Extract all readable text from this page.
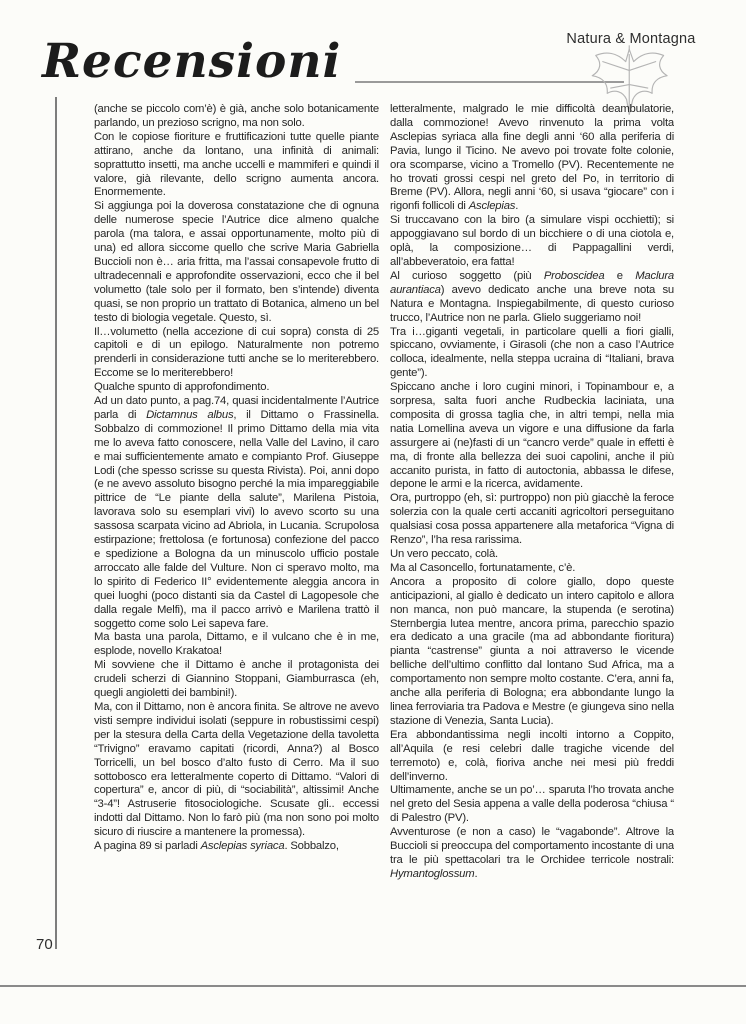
Recensioni	Natura & Montagna

(anche se piccolo com’è) è già, anche solo botanicamente parlando, un prezioso scrigno, ma non solo.

Con le copiose fioriture e fruttificazioni tutte quelle piante attirano, anche da lontano, una infinità di animali: soprattutto insetti, ma anche uccelli e mammiferi e quindi il valore, già rilevante, dello scrigno aumenta ancora. Enormemente.

Si aggiunga poi la doverosa constatazione che di ognuna delle numerose specie l’Autrice dice almeno qualche parola (ma talora, e assai opportunamente, molto più di una) ed allora siccome quello che scrive Maria Gabriella Buccioli non è… aria fritta, ma l’assai consapevole frutto di ultradecennali e approfondite osservazioni, ecco che il bel volumetto (tale solo per il formato, ben s’intende) diventa quasi, se non proprio un trattato di Botanica, almeno un bel testo di biologia vegetale. Questo, sì.

Il…volumetto (nella accezione di cui sopra) consta di 25 capitoli e di un epilogo. Naturalmente non potremo prenderli in considerazione tutti anche se lo meriterebbero. Eccome se lo meriterebbero!

Qualche spunto di approfondimento.

Ad un dato punto, a pag.74, quasi incidentalmente l’Autrice parla di Dictamnus albus, il Dittamo o Frassinella. Sobbalzo di commozione! Il primo Dittamo della mia vita me lo aveva fatto conoscere, nella Valle del Lavino, il caro e mai sufficientemente amato e compianto Prof. Giuseppe Lodi (che spesso scrisse su questa Rivista). Poi, anni dopo (e ne avevo assoluto bisogno perché la mia impareggiabile pittrice de “Le piante della salute”, Marilena Pistoia, lavorava solo su esemplari vivi) lo avevo scorto su una sassosa scarpata vicino ad Abriola, in Lucania. Scrupolosa estirpazione; frettolosa (e fortunosa) confezione del pacco e spedizione a Bologna da un minuscolo ufficio postale arroccato alle falde del Vulture. Non ci speravo molto, ma lo spirito di Federico II° evidentemente aleggia ancora in quei luoghi (poco distanti sia da Castel di Lagopesole che dalla regale Melfi), ma il pacco arrivò e Marilena trattò il soggetto come solo Lei sapeva fare.

Ma basta una parola, Dittamo, e il vulcano che è in me, esplode, novello Krakatoa!

Mi sovviene che il Dittamo è anche il protagonista dei crudeli scherzi di Giannino Stoppani, Giamburrasca (eh, quegli angioletti dei bambini!).

Ma, con il Dittamo, non è ancora finita. Se altrove ne avevo visti sempre individui isolati (seppure in robustissimi cespi) per la stesura della Carta della Vegetazione della tavoletta “Trivigno” eravamo capitati (ricordi, Anna?) al Bosco Torricelli, un bel bosco d’alto fusto di Cerro. Ma il suo sottobosco era letteralmente coperto di Dittamo. “Valori di copertura” e, ancor di più, di “sociabilità”, altissimi! Anche “3-4”! Astruserie fitosociologiche. Scusate gli.. eccessi indotti dal Dittamo. Non lo farò più (ma non sono poi molto sicuro di riuscire a mantenere la promessa).

A pagina 89 si parladi Asclepias syriaca. Sobbalzo,

letteralmente, malgrado le mie difficoltà deambulatorie, dalla commozione! Avevo rinvenuto la prima volta Asclepias syriaca alla fine degli anni ‘60 alla periferia di Pavia, lungo il Ticino. Ne avevo poi trovate folte colonie, ora scomparse, vicino a Tromello (PV). Recentemente ne ho trovati grossi cespi nel greto del Po, in territorio di Breme (PV). Allora, negli anni ‘60, si usava “giocare” con i rigonfi follicoli di Asclepias.

Si truccavano con la biro (a simulare vispi occhietti); si appoggiavano sul bordo di un bicchiere o di una ciotola e, oplà, la composizione… di Pappagallini verdi, all’abbeveratoio, era fatta!

Al curioso soggetto (più Proboscidea e Maclura aurantiaca) avevo dedicato anche una breve nota su Natura e Montagna. Inspiegabilmente, di questo curioso trucco, l’Autrice non ne parla. Glielo suggeriamo noi!

Tra i…giganti vegetali, in particolare quelli a fiori gialli, spiccano, ovviamente, i Girasoli (che non a caso l’Autrice colloca, idealmente, nella steppa ucraina di “Italiani, brava gente”).

Spiccano anche i loro cugini minori, i Topinambour e, a sorpresa, salta fuori anche Rudbeckia laciniata, una composita di grossa taglia che, in altri tempi, nella mia natia Lomellina aveva un vigore e una diffusione da farla assurgere ai (ne)fasti di un “cancro verde” quale in effetti è ma, di fronte alla bellezza dei suoi capolini, anche il più accanito purista, in fatto di autoctonia, abbassa le difese, depone le armi e la ricerca, avidamente.

Ora, purtroppo (eh, sì: purtroppo) non più giacchè la feroce solerzia con la quale certi accaniti agricoltori perseguitano qualsiasi cosa possa appartenere alla metaforica “Vigna di Renzo”, l’ha resa rarissima.

Un vero peccato, colà.

Ma al Casoncello, fortunatamente, c’è.

Ancora a proposito di colore giallo, dopo queste anticipazioni, al giallo è dedicato un intero capitolo e allora non manca, non può mancare, la stupenda (e serotina) Sternbergia lutea mentre, ancora prima, parecchio spazio era dedicato a una gracile (ma ad abbondante fioritura) pianta “castrense” giunta a noi attraverso le vicende belliche dell’ultimo conflitto dal lontano Sud Africa, ma a comportamento non sempre molto costante. C’era, anni fa, anche alla periferia di Bologna; era abbondante lungo la linea ferroviaria tra Padova e Mestre (e giungeva sino nella stazione di Venezia, Santa Lucia).

Era abbondantissima negli incolti intorno a Coppito, all’Aquila (e resi celebri dalle tragiche vicende del terremoto) e, colà, fioriva anche nei mesi più freddi dell’inverno.

Ultimamente, anche se un po’… sparuta l’ho trovata anche nel greto del Sesia appena a valle della poderosa “chiusa “ di Palestro (PV).

Avventurose (e non a caso) le “vagabonde”. Altrove la Buccioli si preoccupa del comportamento incostante di una tra le più spettacolari tra le Orchidee terricole nostrali: Hymantoglossum.

70
